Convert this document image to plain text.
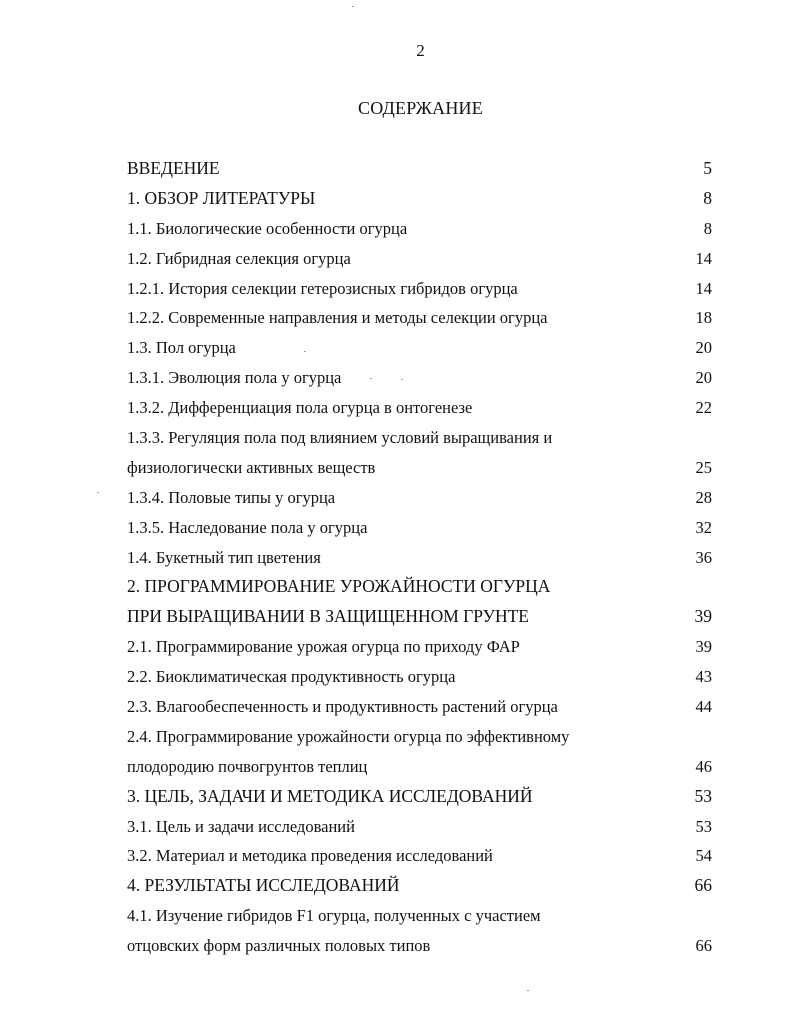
2
СОДЕРЖАНИЕ
ВВЕДЕНИЕ	5
1. ОБЗОР ЛИТЕРАТУРЫ	8
1.1. Биологические особенности огурца	8
1.2. Гибридная селекция огурца	14
1.2.1. История селекции гетерозисных гибридов огурца	14
1.2.2. Современные направления и методы селекции огурца	18
1.3. Пол огурца	20
1.3.1. Эволюция пола у огурца	20
1.3.2. Дифференциация пола огурца в онтогенезе	22
1.3.3. Регуляция пола под влиянием условий выращивания и
физиологически активных веществ	25
1.3.4. Половые типы у огурца	28
1.3.5. Наследование пола у огурца	32
1.4. Букетный тип цветения	36
2. ПРОГРАММИРОВАНИЕ УРОЖАЙНОСТИ ОГУРЦА
ПРИ ВЫРАЩИВАНИИ В ЗАЩИЩЕННОМ ГРУНТЕ	39
2.1. Программирование урожая огурца по приходу ФАР	39
2.2. Биоклиматическая продуктивность огурца	43
2.3. Влагообеспеченность и продуктивность растений огурца	44
2.4. Программирование урожайности огурца по эффективному
плодородию почвогрунтов теплиц	46
3. ЦЕЛЬ, ЗАДАЧИ И МЕТОДИКА ИССЛЕДОВАНИЙ	53
3.1. Цель и задачи исследований	53
3.2. Материал и методика проведения исследований	54
4. РЕЗУЛЬТАТЫ ИССЛЕДОВАНИЙ	66
4.1. Изучение гибридов F1 огурца, полученных с участием
отцовских форм различных половых типов	66
